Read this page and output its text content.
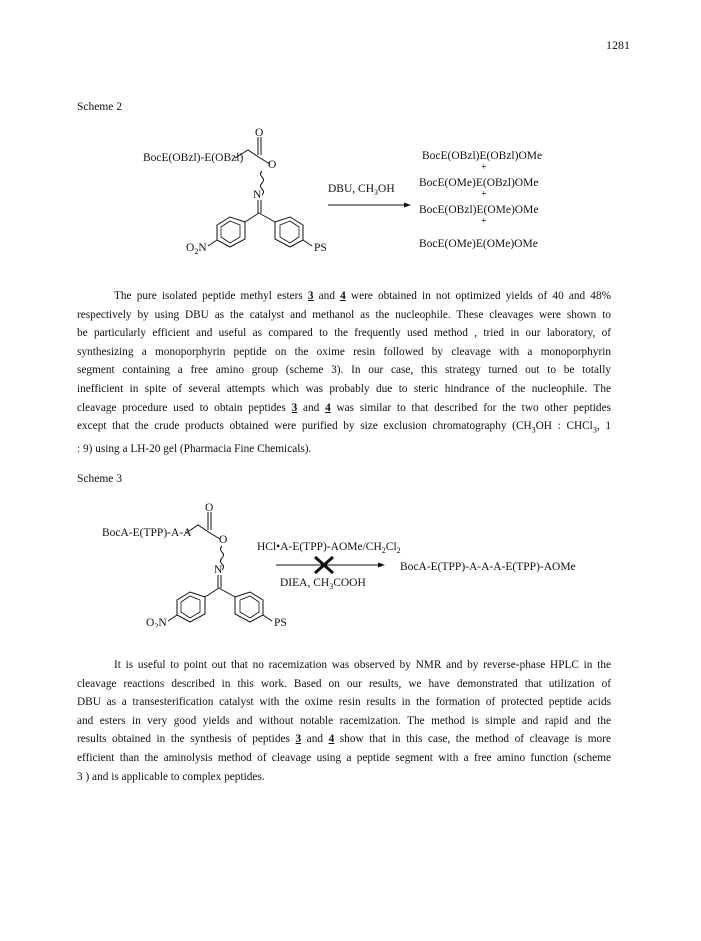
1281
Scheme 2
BocE(OBzl)-E(OBzl)
O
O
N
$O_2N$	PS
DBU, $CH_3OH$
BocE(OBzl)E(OBzl)OMe
+
BocE(OMe)E(OBzl)OMe
+
BocE(OBzl)E(OMe)OMe
+
BocE(OMe)E(OMe)OMe
The pure isolated peptide methyl esters 3 and 4 were obtained in not optimized yields of 40 and 48%
respectively by using DBU as the catalyst and methanol as the nucleophile. These cleavages were shown to
be particularly efficient and useful as compared to the frequently used method , tried in our laboratory, of
synthesizing a monoporphyrin peptide on the oxime resin followed by cleavage with a monoporphyrin
segment containing a free amino group (scheme 3). In our case, this strategy turned out to be totally
inefficient in spite of several attempts which was probably due to steric hindrance of the nucleophile. The
cleavage procedure used to obtain peptides 3 and 4 was similar to that described for the two other peptides
except that the crude products obtained were purified by size exclusion chromatography ($CH_3OH$ : CHCl$_3$, 1
: 9) using a LH-20 gel (Pharmacia Fine Chemicals).
Scheme 3
BocA-E(TPP)-A-A
O
O
N
$O_2N$	PS
$HCl•A-E(TPP)-AOMe/CH_2Cl_2$
DIEA, $CH_3COOH$
BocA-E(TPP)-A-A-A-E(TPP)-AOMe
It is useful to point out that no racemization was observed by NMR and by reverse-phase HPLC in the
cleavage reactions described in this work. Based on our results, we have demonstrated that utilization of
DBU as a transesterification catalyst with the oxime resin results in the formation of protected peptide acids
and esters in very good yields and without notable racemization. The method is simple and rapid and the
results obtained in the synthesis of peptides 3 and 4 show that in this case, the method of cleavage is more
efficient than the aminolysis method of cleavage using a peptide segment with a free amino function (scheme
3 ) and is applicable to complex peptides.
